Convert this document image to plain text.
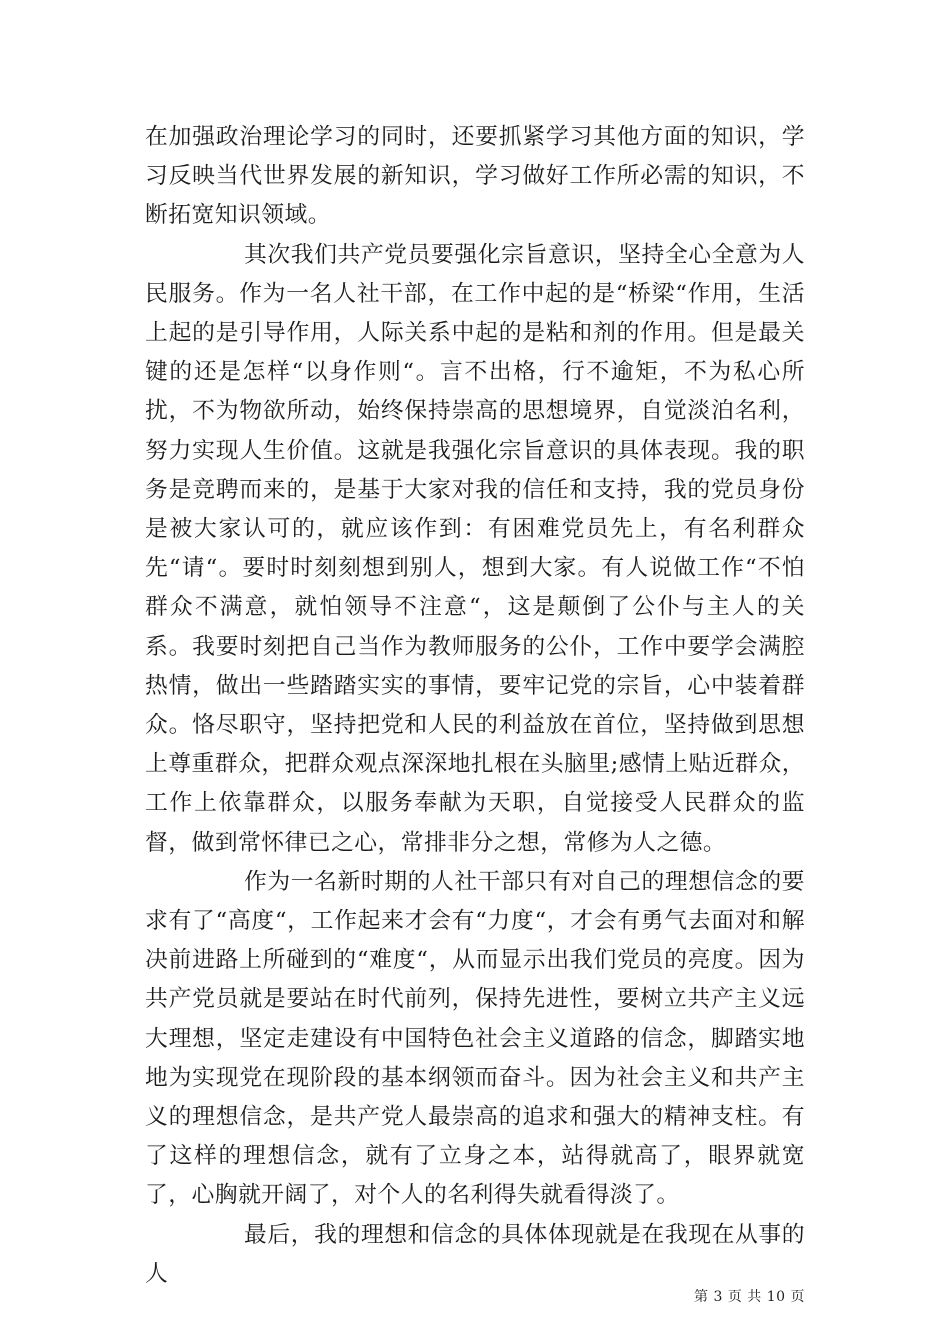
在加强政治理论学习的同时，还要抓紧学习其他方面的知识，学习反映当代世界发展的新知识，学习做好工作所必需的知识，不断拓宽知识领域。

其次我们共产党员要强化宗旨意识，坚持全心全意为人民服务。作为一名人社干部，在工作中起的是“桥梁“作用，生活上起的是引导作用，人际关系中起的是粘和剂的作用。但是最关键的还是怎样“以身作则“。言不出格，行不逾矩，不为私心所扰，不为物欲所动，始终保持崇高的思想境界，自觉淡泊名利，努力实现人生价值。这就是我强化宗旨意识的具体表现。我的职务是竞聘而来的，是基于大家对我的信任和支持，我的党员身份是被大家认可的，就应该作到：有困难党员先上，有名利群众先“请“。要时时刻刻想到别人，想到大家。有人说做工作“不怕群众不满意，就怕领导不注意“，这是颠倒了公仆与主人的关系。我要时刻把自己当作为教师服务的公仆，工作中要学会满腔热情，做出一些踏踏实实的事情，要牢记党的宗旨，心中装着群众。恪尽职守，坚持把党和人民的利益放在首位，坚持做到思想上尊重群众，把群众观点深深地扎根在头脑里;感情上贴近群众，工作上依靠群众，以服务奉献为天职，自觉接受人民群众的监督，做到常怀律已之心，常排非分之想，常修为人之德。

作为一名新时期的人社干部只有对自己的理想信念的要求有了“高度“，工作起来才会有“力度“，才会有勇气去面对和解决前进路上所碰到的“难度“，从而显示出我们党员的亮度。因为共产党员就是要站在时代前列，保持先进性，要树立共产主义远大理想，坚定走建设有中国特色社会主义道路的信念，脚踏实地地为实现党在现阶段的基本纲领而奋斗。因为社会主义和共产主义的理想信念，是共产党人最崇高的追求和强大的精神支柱。有了这样的理想信念，就有了立身之本，站得就高了，眼界就宽了，心胸就开阔了，对个人的名利得失就看得淡了。

最后，我的理想和信念的具体体现就是在我现在从事的人

第 3 页 共 10 页
